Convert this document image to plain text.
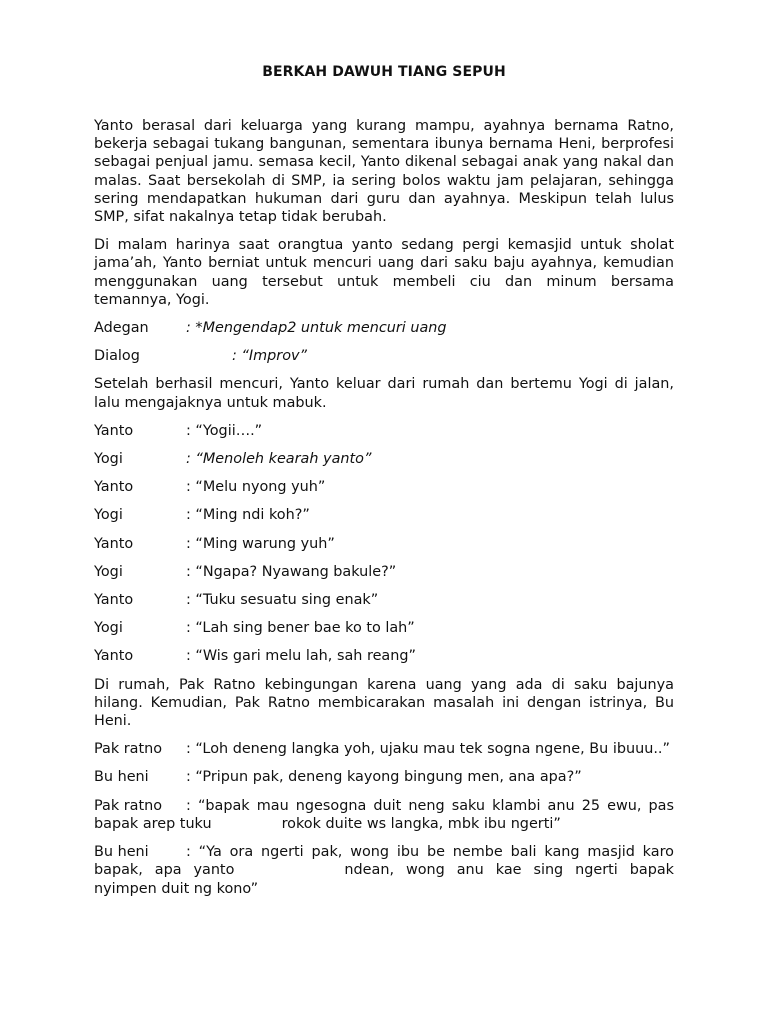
BERKAH DAWUH TIANG SEPUH

Yanto berasal dari keluarga yang kurang mampu, ayahnya bernama Ratno, bekerja sebagai tukang bangunan, sementara ibunya bernama Heni, berprofesi sebagai penjual jamu. semasa kecil, Yanto dikenal sebagai anak yang nakal dan malas. Saat bersekolah di SMP, ia sering bolos waktu jam pelajaran, sehingga sering mendapatkan hukuman dari guru dan ayahnya. Meskipun telah lulus SMP, sifat nakalnya tetap tidak berubah.

Di malam harinya saat orangtua yanto sedang pergi kemasjid untuk sholat jama’ah, Yanto berniat untuk mencuri uang dari saku baju ayahnya, kemudian menggunakan uang tersebut untuk membeli ciu dan minum bersama temannya, Yogi.

Adegan	: *Mengendap2 untuk mencuri uang
Dialog	: “Improv”

Setelah berhasil mencuri, Yanto keluar dari rumah dan bertemu Yogi di jalan, lalu mengajaknya untuk mabuk.

Yanto	: “Yogii….”
Yogi	: “Menoleh kearah yanto”
Yanto	: “Melu nyong yuh”
Yogi	: “Ming ndi koh?”
Yanto	: “Ming warung yuh”
Yogi	: “Ngapa? Nyawang bakule?”
Yanto	: “Tuku sesuatu sing enak”
Yogi	: “Lah sing bener bae ko to lah”
Yanto	: “Wis gari melu lah, sah reang”

Di rumah, Pak Ratno kebingungan karena uang yang ada di saku bajunya hilang. Kemudian, Pak Ratno membicarakan masalah ini dengan istrinya, Bu Heni.

Pak ratno : “Loh deneng langka yoh, ujaku mau tek sogna ngene, Bu ibuuu..”

Bu heni	: “Pripun pak, deneng kayong bingung men, ana apa?”

Pak ratno : “bapak mau ngesogna duit neng saku klambi anu 25 ewu, pas bapak arep tuku	rokok duite ws langka, mbk ibu ngerti”

Bu heni	: “Ya ora ngerti pak, wong ibu be nembe bali kang masjid karo bapak, apa yanto	ndean, wong anu kae sing ngerti bapak nyimpen duit ng kono”
